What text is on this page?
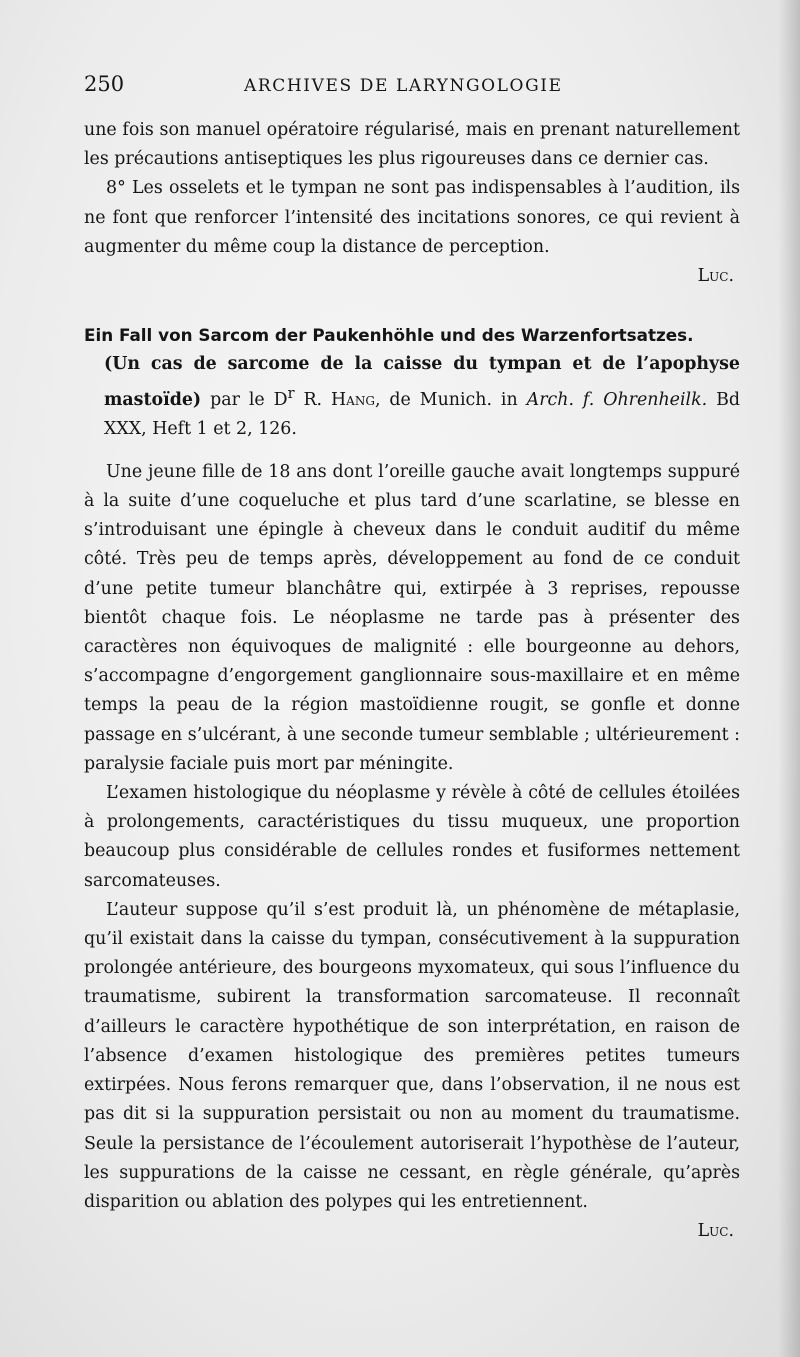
250	ARCHIVES DE LARYNGOLOGIE

une fois son manuel opératoire régularisé, mais en prenant naturellement les précautions antiseptiques les plus rigoureuses dans ce dernier cas.

8° Les osselets et le tympan ne sont pas indispensables à l’audition, ils ne font que renforcer l’intensité des incitations sonores, ce qui revient à augmenter du même coup la distance de perception.

Luc.

Ein Fall von Sarcom der Paukenhöhle und des Warzenfortsatzes.

(Un cas de sarcome de la caisse du tympan et de l’apophyse mastoïde) par le $D^r$ R. Hang, de Munich. in Arch. f. Ohrenheilk. Bd XXX, Heft 1 et 2, 126.

Une jeune fille de 18 ans dont l’oreille gauche avait longtemps suppuré à la suite d’une coqueluche et plus tard d’une scarlatine, se blesse en s’introduisant une épingle à cheveux dans le conduit auditif du même côté. Très peu de temps après, développement au fond de ce conduit d’une petite tumeur blanchâtre qui, extirpée à 3 reprises, repousse bientôt chaque fois. Le néoplasme ne tarde pas à présenter des caractères non équivoques de malignité : elle bourgeonne au dehors, s’accompagne d’engorgement ganglionnaire sous-maxillaire et en même temps la peau de la région mastoïdienne rougit, se gonfle et donne passage en s’ulcérant, à une seconde tumeur semblable ; ultérieurement : paralysie faciale puis mort par méningite.

L’examen histologique du néoplasme y révèle à côté de cellules étoilées à prolongements, caractéristiques du tissu muqueux, une proportion beaucoup plus considérable de cellules rondes et fusiformes nettement sarcomateuses.

L’auteur suppose qu’il s’est produit là, un phénomène de métaplasie, qu’il existait dans la caisse du tympan, consécutivement à la suppuration prolongée antérieure, des bourgeons myxomateux, qui sous l’influence du traumatisme, subirent la transformation sarcomateuse. Il reconnaît d’ailleurs le caractère hypothétique de son interprétation, en raison de l’absence d’examen histologique des premières petites tumeurs extirpées. Nous ferons remarquer que, dans l’observation, il ne nous est pas dit si la suppuration persistait ou non au moment du traumatisme. Seule la persistance de l’écoulement autoriserait l’hypothèse de l’auteur, les suppurations de la caisse ne cessant, en règle générale, qu’après disparition ou ablation des polypes qui les entretiennent.

Luc.
